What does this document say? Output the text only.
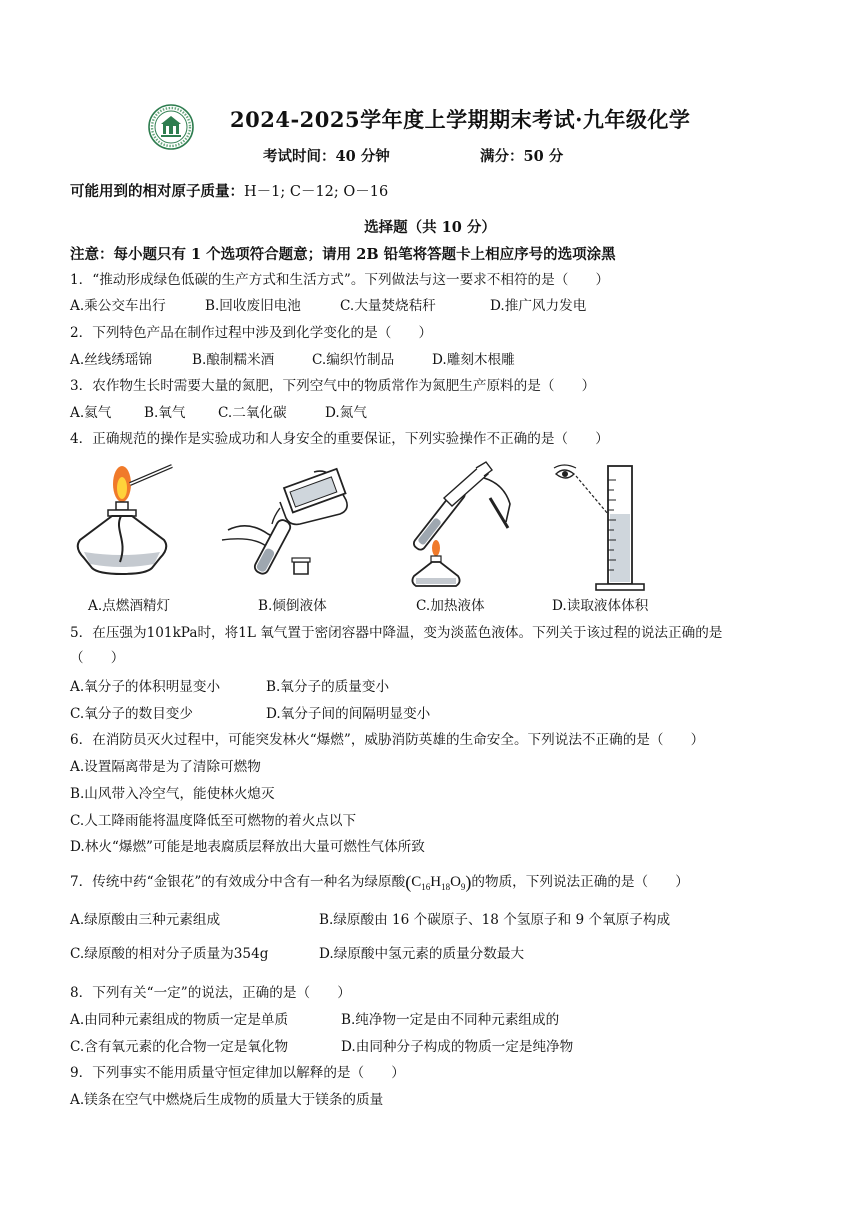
2024-2025学年度上学期期末考试·九年级化学
考试时间：40 分钟	满分：50 分
可能用到的相对原子质量：H－1; C－12; O－16
选择题（共 10 分）
注意：每小题只有 1 个选项符合题意；请用 2B 铅笔将答题卡上相应序号的选项涂黑
1．“推动形成绿色低碳的生产方式和生活方式”。下列做法与这一要求不相符的是（　　）
A.乘公交车出行	B.回收废旧电池	C.大量焚烧秸秆	D.推广风力发电
2．下列特色产品在制作过程中涉及到化学变化的是（　　）
A.丝线绣瑶锦	B.酿制糯米酒	C.编织竹制品	D.雕刻木根雕
3．农作物生长时需要大量的氮肥，下列空气中的物质常作为氮肥生产原料的是（　　）
A.氦气 B.氧气 C.二氧化碳	D.氮气
4．正确规范的操作是实验成功和人身安全的重要保证，下列实验操作不正确的是（　　）
A.点燃酒精灯	B.倾倒液体	C.加热液体	D.读取液体体积
5．在压强为101kPa时，将1L 氧气置于密闭容器中降温，变为淡蓝色液体。下列关于该过程的说法正确的是
（　　）
A.氧分子的体积明显变小	B.氧分子的质量变小
C.氧分子的数目变少	D.氧分子间的间隔明显变小
6．在消防员灭火过程中，可能突发林火“爆燃”，威胁消防英雄的生命安全。下列说法不正确的是（　　）
A.设置隔离带是为了清除可燃物
B.山风带入冷空气，能使林火熄灭
C.人工降雨能将温度降低至可燃物的着火点以下
D.林火“爆燃”可能是地表腐质层释放出大量可燃性气体所致
7．传统中药“金银花”的有效成分中含有一种名为绿原酸$(C_{16}H_{18}O_9)$的物质，下列说法正确的是（　　）
A.绿原酸由三种元素组成	B.绿原酸由 16 个碳原子、18 个氢原子和 9 个氧原子构成
C.绿原酸的相对分子质量为354g	D.绿原酸中氢元素的质量分数最大
8．下列有关“一定”的说法，正确的是（　　）
A.由同种元素组成的物质一定是单质	B.纯净物一定是由不同种元素组成的
C.含有氧元素的化合物一定是氧化物	D.由同种分子构成的物质一定是纯净物
9．下列事实不能用质量守恒定律加以解释的是（　　）
A.镁条在空气中燃烧后生成物的质量大于镁条的质量
